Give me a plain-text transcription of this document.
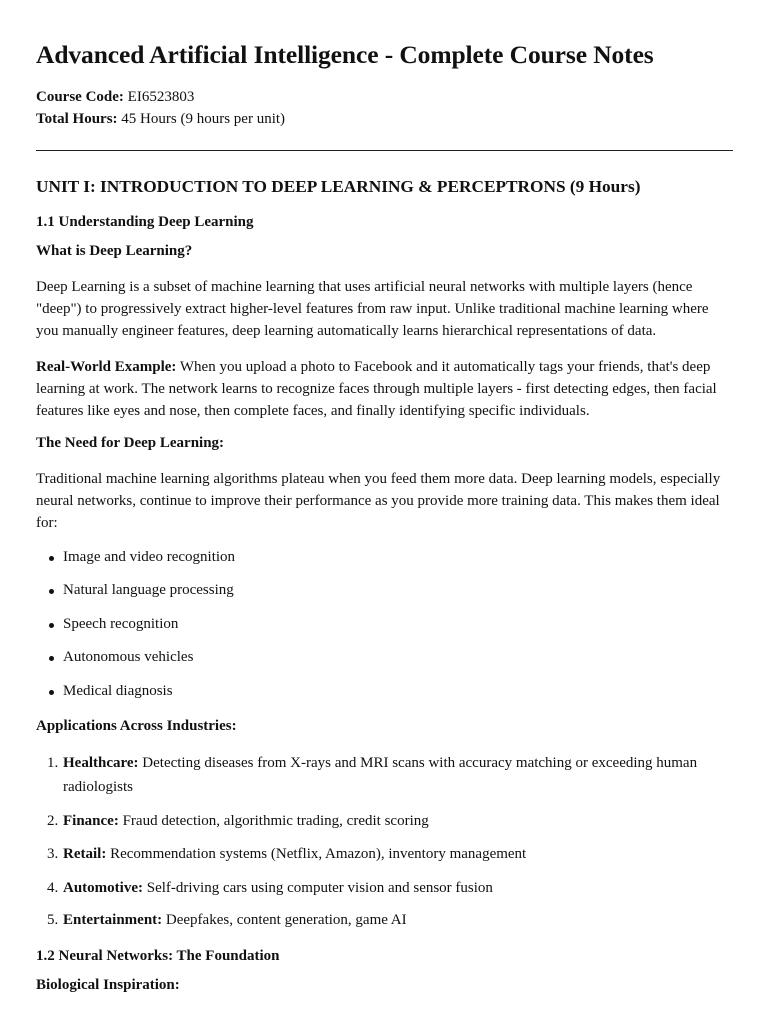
Advanced Artificial Intelligence - Complete Course Notes
Course Code: EI6523803
Total Hours: 45 Hours (9 hours per unit)
UNIT I: INTRODUCTION TO DEEP LEARNING & PERCEPTRONS (9 Hours)
1.1 Understanding Deep Learning
What is Deep Learning?

Deep Learning is a subset of machine learning that uses artificial neural networks with multiple layers (hence "deep") to progressively extract higher-level features from raw input. Unlike traditional machine learning where you manually engineer features, deep learning automatically learns hierarchical representations of data.

Real-World Example: When you upload a photo to Facebook and it automatically tags your friends, that's deep learning at work. The network learns to recognize faces through multiple layers - first detecting edges, then facial features like eyes and nose, then complete faces, and finally identifying specific individuals.

The Need for Deep Learning:

Traditional machine learning algorithms plateau when you feed them more data. Deep learning models, especially neural networks, continue to improve their performance as you provide more training data. This makes them ideal for:

Image and video recognition
Natural language processing
Speech recognition
Autonomous vehicles
Medical diagnosis
Applications Across Industries:
1. Healthcare: Detecting diseases from X-rays and MRI scans with accuracy matching or exceeding human radiologists
2. Finance: Fraud detection, algorithmic trading, credit scoring
3. Retail: Recommendation systems (Netflix, Amazon), inventory management
4. Automotive: Self-driving cars using computer vision and sensor fusion
5. Entertainment: Deepfakes, content generation, game AI
1.2 Neural Networks: The Foundation
Biological Inspiration:
